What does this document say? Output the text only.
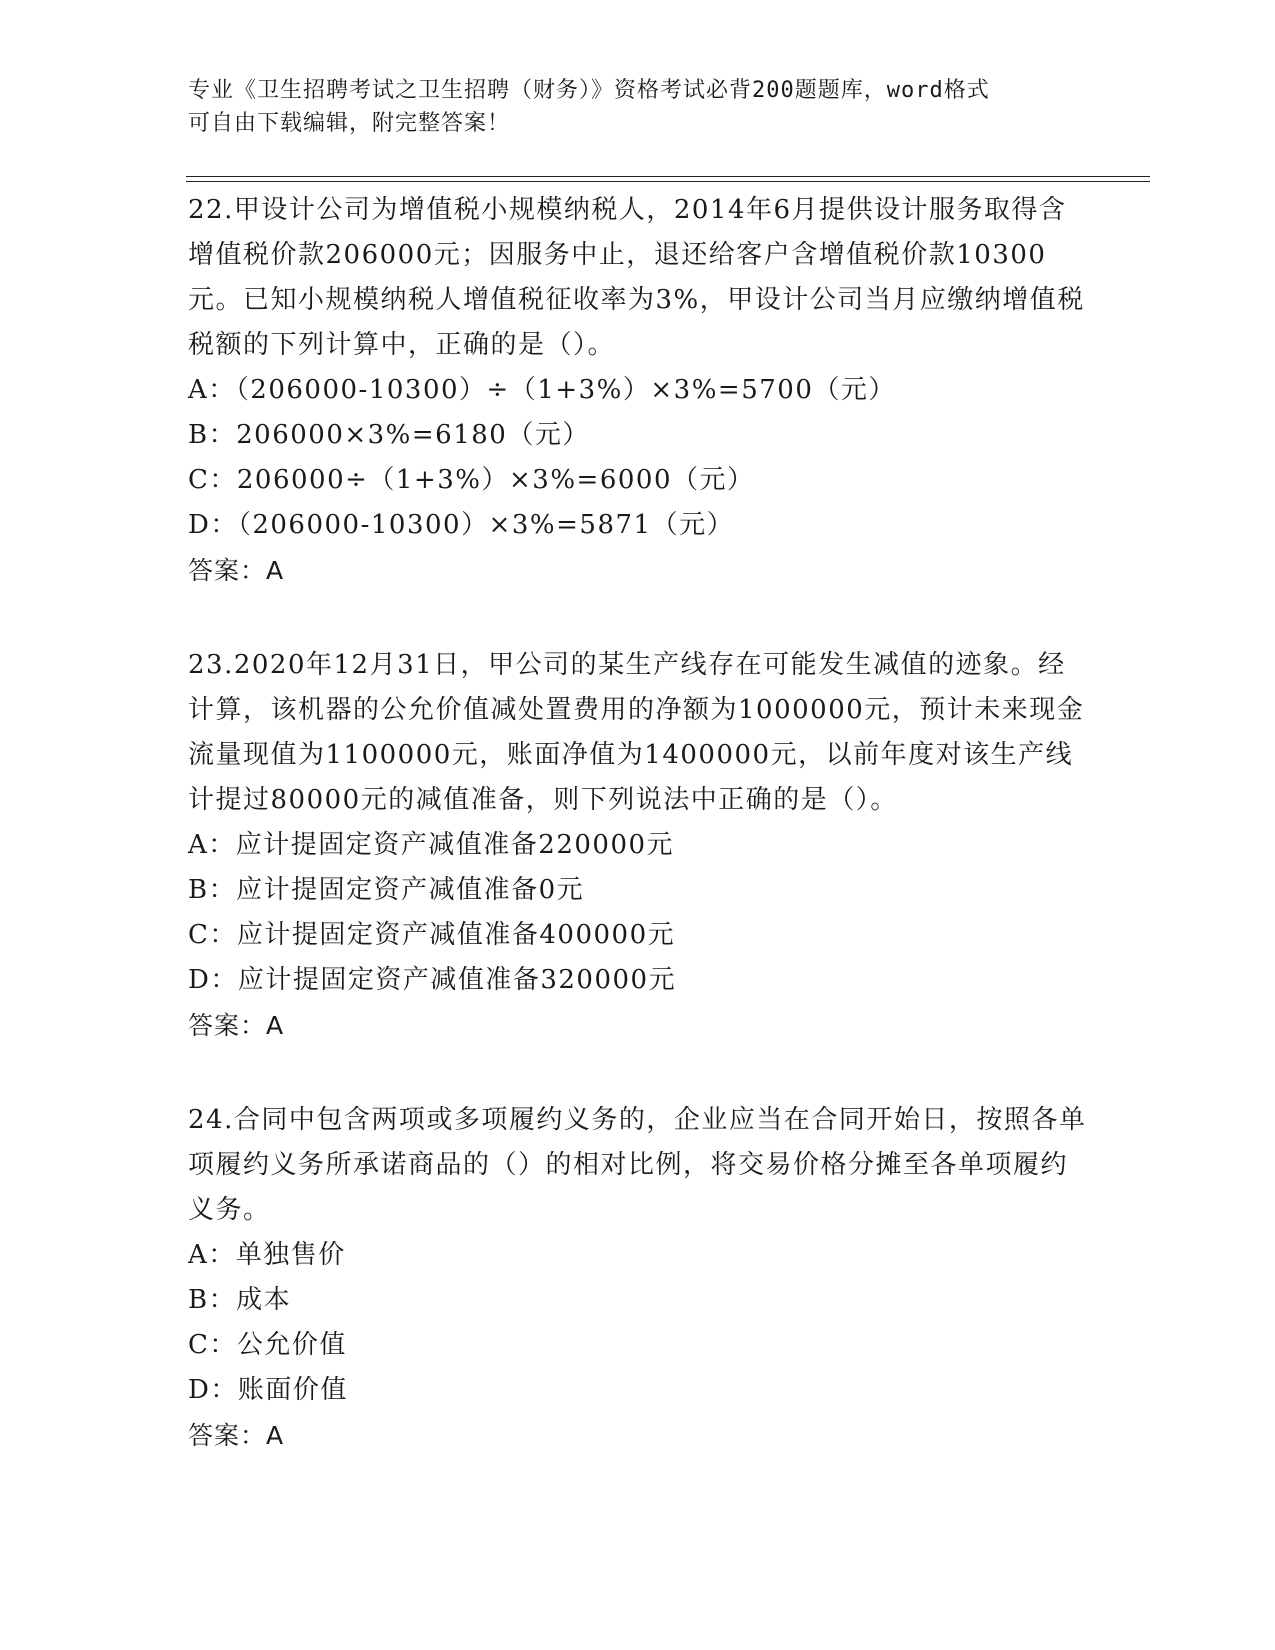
专业《卫生招聘考试之卫生招聘（财务）》资格考试必背200题题库，word格式

可自由下载编辑，附完整答案！

22.甲设计公司为增值税小规模纳税人，2014年6月提供设计服务取得含增值税价款206000元；因服务中止，退还给客户含增值税价款10300元。已知小规模纳税人增值税征收率为3%，甲设计公司当月应缴纳增值税税额的下列计算中，正确的是（）。
A：（206000-10300）÷（1+3%）×3%=5700（元）
B：206000×3%=6180（元）
C：206000÷（1+3%）×3%=6000（元）
D：（206000-10300）×3%=5871（元）
答案：A
23.2020年12月31日，甲公司的某生产线存在可能发生减值的迹象。经计算，该机器的公允价值减处置费用的净额为1000000元，预计未来现金流量现值为1100000元，账面净值为1400000元，以前年度对该生产线计提过80000元的减值准备，则下列说法中正确的是（）。
A：应计提固定资产减值准备220000元
B：应计提固定资产减值准备0元
C：应计提固定资产减值准备400000元
D：应计提固定资产减值准备320000元
答案：A
24.合同中包含两项或多项履约义务的，企业应当在合同开始日，按照各单项履约义务所承诺商品的（）的相对比例，将交易价格分摊至各单项履约义务。
A：单独售价
B：成本
C：公允价值
D：账面价值
答案：A
